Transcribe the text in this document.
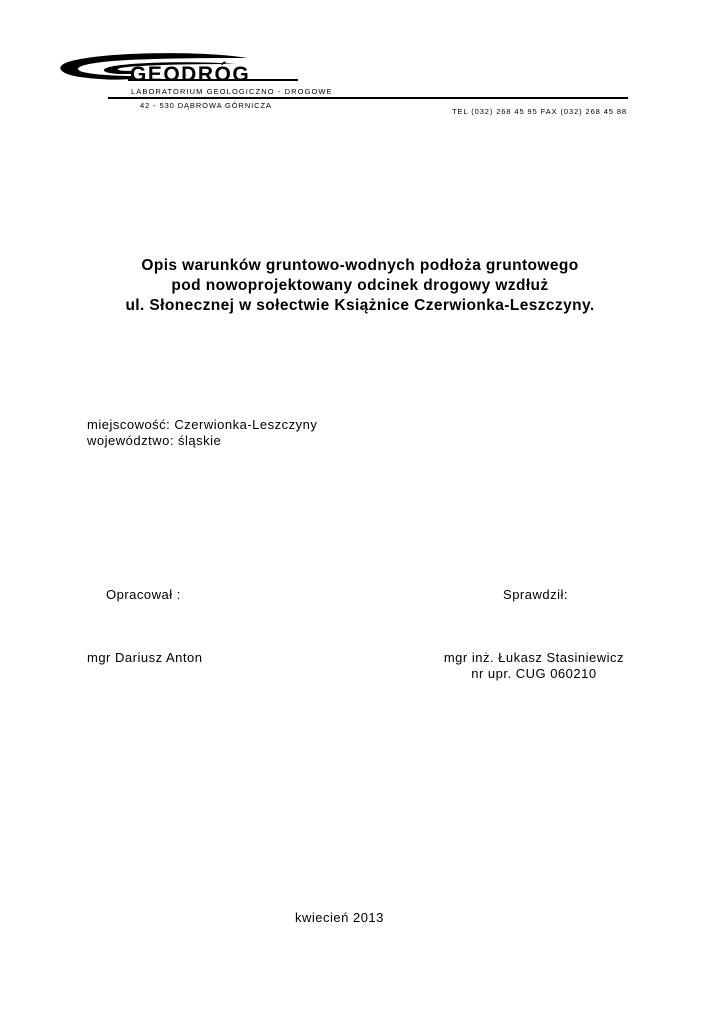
GEODRÓG
LABORATORIUM GEOLOGICZNO - DROGOWE
42 - 530 DĄBROWA GÓRNICZA
TEL (032) 268 45 95 FAX (032) 268 45 88
Opis warunków gruntowo-wodnych podłoża gruntowego
pod nowoprojektowany odcinek drogowy wzdłuż
ul. Słonecznej w sołectwie Książnice Czerwionka-Leszczyny.
miejscowość: Czerwionka-Leszczyny
województwo: śląskie
Opracował :	Sprawdził:
mgr Dariusz Anton	mgr inż. Łukasz Stasiniewicz
nr upr. CUG 060210
kwiecień 2013
